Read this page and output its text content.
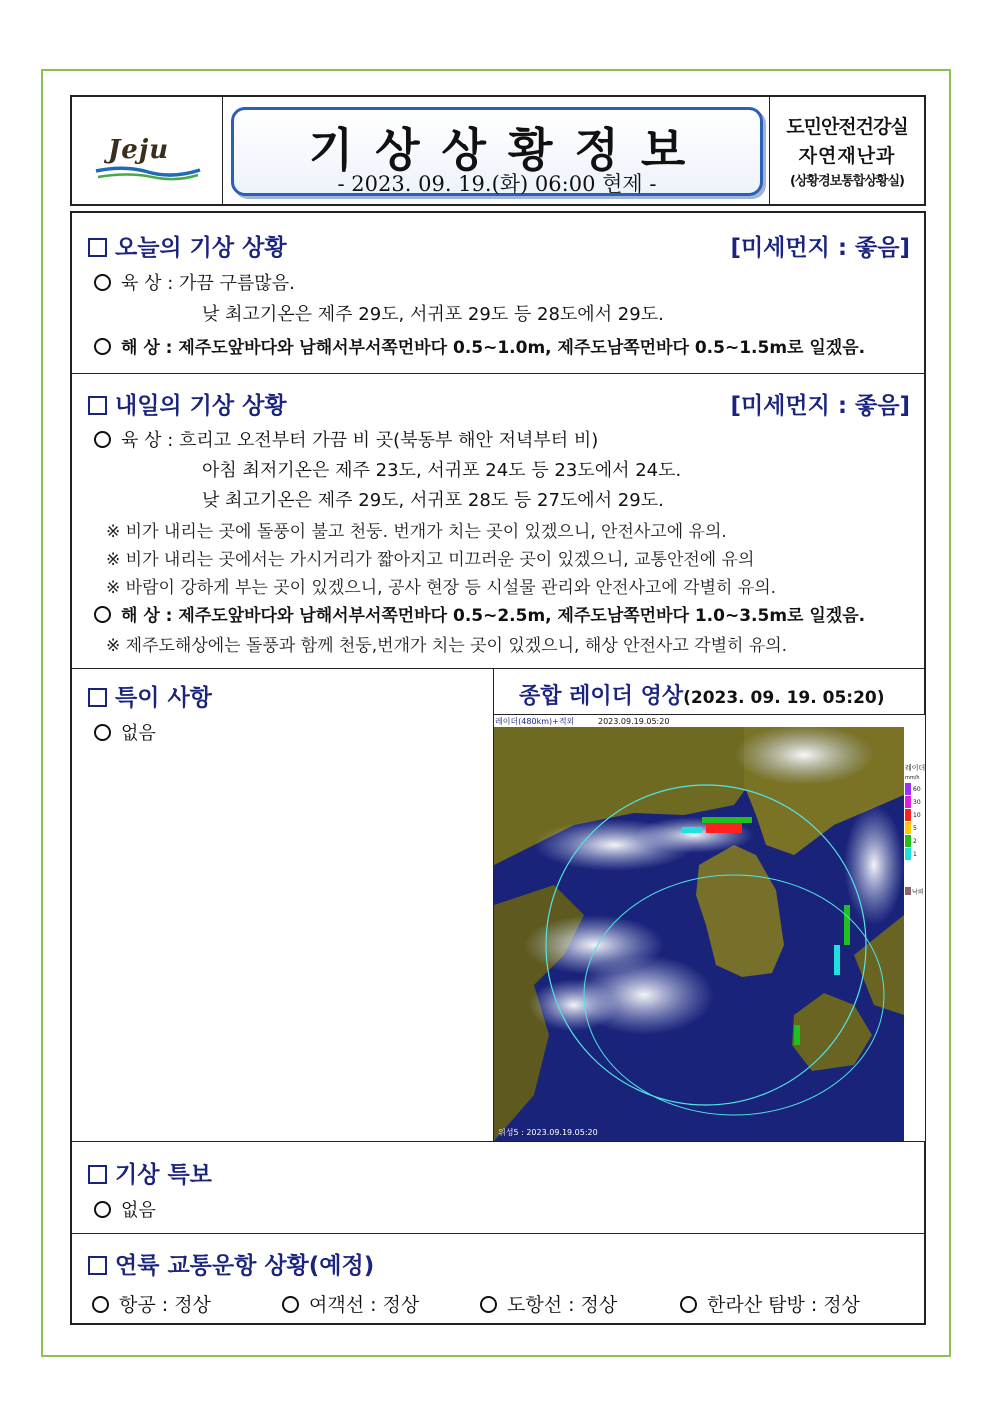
Jeju	기상상황정보
- 2023. 09. 19.(화) 06:00 현제 -
도민안전건강실
자연재난과
(상황경보통합상황실)
오늘의 기상 상황	[미세먼지 : 좋음]
육 상 : 가끔 구름많음.
낮 최고기온은 제주 29도, 서귀포 29도 등 28도에서 29도.
해 상 : 제주도앞바다와 남해서부서쪽먼바다 0.5~1.0m, 제주도남쪽먼바다 0.5~1.5m로 일겠음.
내일의 기상 상황	[미세먼지 : 좋음]
육 상 : 흐리고 오전부터 가끔 비 곳(북동부 해안 저녁부터 비)
아침 최저기온은 제주 23도, 서귀포 24도 등 23도에서 24도.
낮 최고기온은 제주 29도, 서귀포 28도 등 27도에서 29도.
※ 비가 내리는 곳에 돌풍이 불고 천둥. 번개가 치는 곳이 있겠으니, 안전사고에 유의.
※ 비가 내리는 곳에서는 가시거리가 짧아지고 미끄러운 곳이 있겠으니, 교통안전에 유의
※ 바람이 강하게 부는 곳이 있겠으니, 공사 현장 등 시설물 관리와 안전사고에 각별히 유의.
해 상 : 제주도앞바다와 남해서부서쪽먼바다 0.5~2.5m, 제주도남쪽먼바다 1.0~3.5m로 일겠음.
※ 제주도해상에는 돌풍과 함께 천둥,번개가 치는 곳이 있겠으니, 해상 안전사고 각별히 유의.
특이 사항
없음
종합 레이더 영상(2023. 09. 19. 05:20)
레이더
mm/h
60
30
10
5
2
1
낙뢰
레이더(480km)+적외	2023.09.19.05:20
위성5 : 2023.09.19.05:20
기상 특보
없음
연륙 교통운항 상황(예정)
항공 : 정상	여객선 : 정상	도항선 : 정상	한라산 탐방 : 정상
